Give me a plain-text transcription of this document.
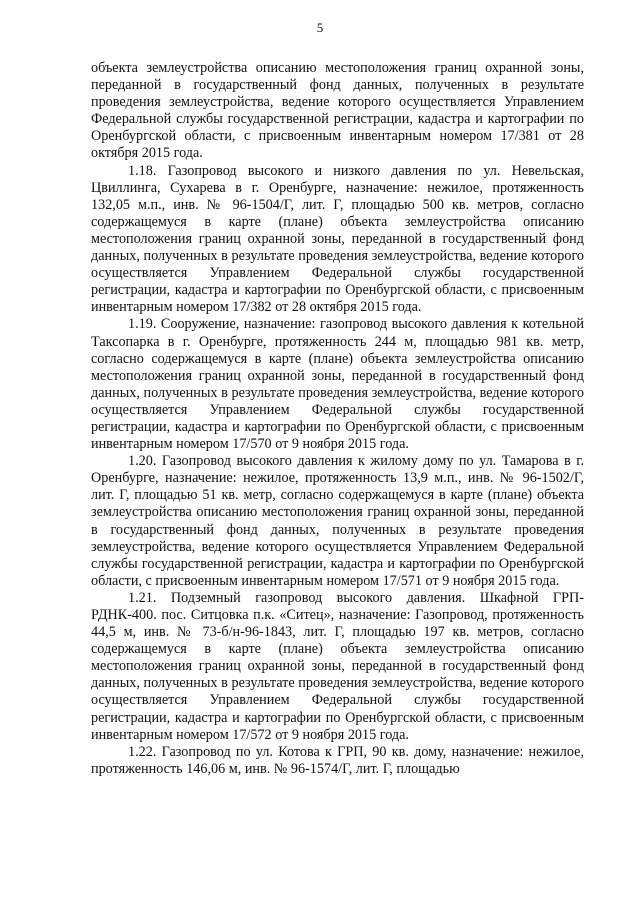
5

объекта землеустройства описанию местоположения границ охранной зоны, переданной в государственный фонд данных, полученных в результате проведения землеустройства, ведение которого осуществляется Управлением Федеральной службы государственной регистрации, кадастра и картографии по Оренбургской области, с присвоенным инвентарным номером 17/381 от 28 октября 2015 года.

1.18. Газопровод высокого и низкого давления по ул. Невельская, Цвиллинга, Сухарева в г. Оренбурге, назначение: нежилое, протяженность 132,05 м.п., инв. № 96-1504/Г, лит. Г, площадью 500 кв. метров, согласно содержащемуся в карте (плане) объекта землеустройства описанию местоположения границ охранной зоны, переданной в государственный фонд данных, полученных в результате проведения землеустройства, ведение которого осуществляется Управлением Федеральной службы государственной регистрации, кадастра и картографии по Оренбургской области, с присвоенным инвентарным номером 17/382 от 28 октября 2015 года.

1.19. Сооружение, назначение: газопровод высокого давления к котельной Таксопарка в г. Оренбурге, протяженность 244 м, площадью 981 кв. метр, согласно содержащемуся в карте (плане) объекта землеустройства описанию местоположения границ охранной зоны, переданной в государственный фонд данных, полученных в результате проведения землеустройства, ведение которого осуществляется Управлением Федеральной службы государственной регистрации, кадастра и картографии по Оренбургской области, с присвоенным инвентарным номером 17/570 от 9 ноября 2015 года.

1.20. Газопровод высокого давления к жилому дому по ул. Тамарова в г. Оренбурге, назначение: нежилое, протяженность 13,9 м.п., инв. № 96-1502/Г, лит. Г, площадью 51 кв. метр, согласно содержащемуся в карте (плане) объекта землеустройства описанию местоположения границ охранной зоны, переданной в государственный фонд данных, полученных в результате проведения землеустройства, ведение которого осуществляется Управлением Федеральной службы государственной регистрации, кадастра и картографии по Оренбургской области, с присвоенным инвентарным номером 17/571 от 9 ноября 2015 года.

1.21. Подземный газопровод высокого давления. Шкафной ГРП-РДНК-400. пос. Ситцовка п.к. «Ситец», назначение: Газопровод, протяженность 44,5 м, инв. № 73-б/н-96-1843, лит. Г, площадью 197 кв. метров, согласно содержащемуся в карте (плане) объекта землеустройства описанию местоположения границ охранной зоны, переданной в государственный фонд данных, полученных в результате проведения землеустройства, ведение которого осуществляется Управлением Федеральной службы государственной регистрации, кадастра и картографии по Оренбургской области, с присвоенным инвентарным номером 17/572 от 9 ноября 2015 года.

1.22. Газопровод по ул. Котова к ГРП, 90 кв. дому, назначение: нежилое, протяженность 146,06 м, инв. № 96-1574/Г, лит. Г, площадью
